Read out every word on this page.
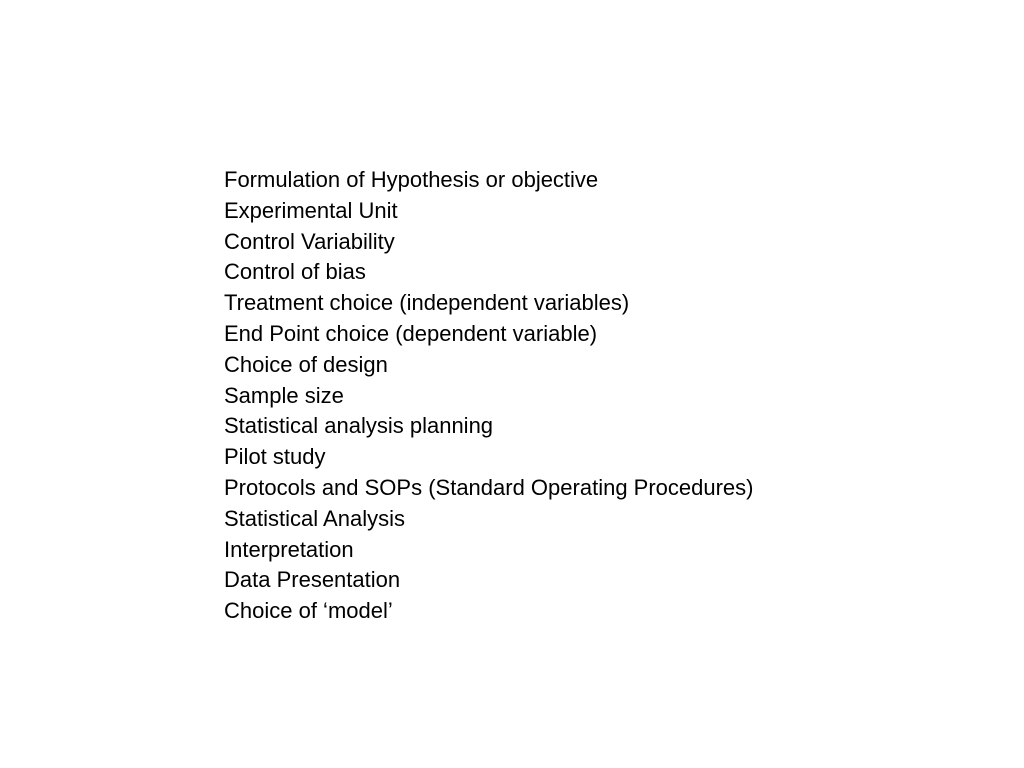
Formulation of Hypothesis or objective
Experimental Unit
Control Variability
Control of bias
Treatment choice (independent variables)
End Point choice (dependent variable)
Choice of design
Sample size
Statistical analysis planning
Pilot study
Protocols and SOPs (Standard Operating Procedures)
Statistical Analysis
Interpretation
Data Presentation
Choice of ‘model’
